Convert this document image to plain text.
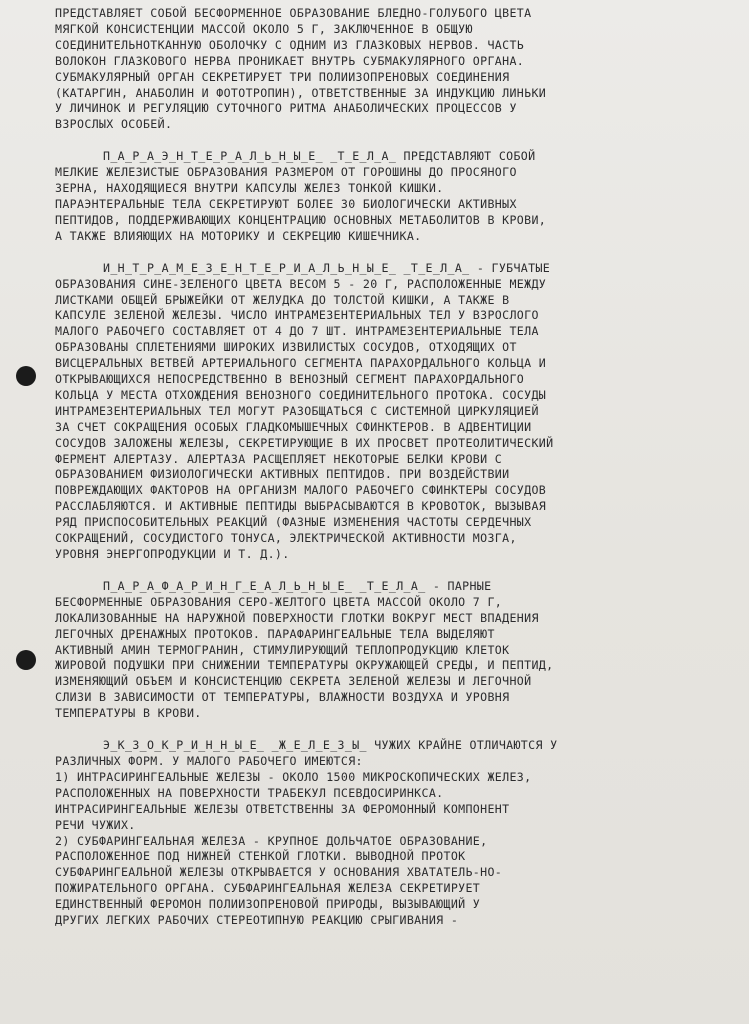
ПРЕДСТАВЛЯЕТ СОБОЙ БЕСФОРМЕННОЕ ОБРАЗОВАНИЕ БЛЕДНО-ГОЛУБОГО ЦВЕТА
МЯГКОЙ КОНСИСТЕНЦИИ МАССОЙ ОКОЛО 5 Г, ЗАКЛЮЧЕННОЕ В ОБЩУЮ
СОЕДИНИТЕЛЬНОТКАННУЮ ОБОЛОЧКУ С ОДНИМ ИЗ ГЛАЗКОВЫХ НЕРВОВ. ЧАСТЬ
ВОЛОКОН ГЛАЗКОВОГО НЕРВА ПРОНИКАЕТ ВНУТРЬ СУБМАКУЛЯРНОГО ОРГАНА.
СУБМАКУЛЯРНЫЙ ОРГАН СЕКРЕТИРУЕТ ТРИ ПОЛИИЗОПРЕНОВЫХ СОЕДИНЕНИЯ
(КАТАРГИН, АНАБОЛИН И ФОТОТРОПИН), ОТВЕТСТВЕННЫЕ ЗА ИНДУКЦИЮ ЛИНЬКИ
У ЛИЧИНОК И РЕГУЛЯЦИЮ СУТОЧНОГО РИТМА АНАБОЛИЧЕСКИХ ПРОЦЕССОВ У
ВЗРОСЛЫХ ОСОБЕЙ.
П_А_Р_А_Э_Н_Т_Е_Р_А_Л_Ь_Н_Ы_Е_ _Т_Е_Л_А_ ПРЕДСТАВЛЯЮТ СОБОЙ
МЕЛКИЕ ЖЕЛЕЗИСТЫЕ ОБРАЗОВАНИЯ РАЗМЕРОМ ОТ ГОРОШИНЫ ДО ПРОСЯНОГО
ЗЕРНА, НАХОДЯЩИЕСЯ ВНУТРИ КАПСУЛЫ ЖЕЛЕЗ ТОНКОЙ КИШКИ.
ПАРАЭНТЕРАЛЬНЫЕ ТЕЛА СЕКРЕТИРУЮТ БОЛЕЕ 30 БИОЛОГИЧЕСКИ АКТИВНЫХ
ПЕПТИДОВ, ПОДДЕРЖИВАЮЩИХ КОНЦЕНТРАЦИЮ ОСНОВНЫХ МЕТАБОЛИТОВ В КРОВИ,
А ТАКЖЕ ВЛИЯЮЩИХ НА МОТОРИКУ И СЕКРЕЦИЮ КИШЕЧНИКА.
И_Н_Т_Р_А_М_Е_З_Е_Н_Т_Е_Р_И_А_Л_Ь_Н_Ы_Е_ _Т_Е_Л_А_ - ГУБЧАТЫЕ
ОБРАЗОВАНИЯ СИНЕ-ЗЕЛЕНОГО ЦВЕТА ВЕСОМ 5 - 20 Г, РАСПОЛОЖЕННЫЕ МЕЖДУ
ЛИСТКАМИ ОБЩЕЙ БРЫЖЕЙКИ ОТ ЖЕЛУДКА ДО ТОЛСТОЙ КИШКИ, А ТАКЖЕ В
КАПСУЛЕ ЗЕЛЕНОЙ ЖЕЛЕЗЫ. ЧИСЛО ИНТРАМЕЗЕНТЕРИАЛЬНЫХ ТЕЛ У ВЗРОСЛОГО
МАЛОГО РАБОЧЕГО СОСТАВЛЯЕТ ОТ 4 ДО 7 ШТ. ИНТРАМЕЗЕНТЕРИАЛЬНЫЕ ТЕЛА
ОБРАЗОВАНЫ СПЛЕТЕНИЯМИ ШИРОКИХ ИЗВИЛИСТЫХ СОСУДОВ, ОТХОДЯЩИХ ОТ
ВИСЦЕРАЛЬНЫХ ВЕТВЕЙ АРТЕРИАЛЬНОГО СЕГМЕНТА ПАРАХОРДАЛЬНОГО КОЛЬЦА И
ОТКРЫВАЮЩИХСЯ НЕПОСРЕДСТВЕННО В ВЕНОЗНЫЙ СЕГМЕНТ ПАРАХОРДАЛЬНОГО
КОЛЬЦА У МЕСТА ОТХОЖДЕНИЯ ВЕНОЗНОГО СОЕДИНИТЕЛЬНОГО ПРОТОКА. СОСУДЫ
ИНТРАМЕЗЕНТЕРИАЛЬНЫХ ТЕЛ МОГУТ РАЗОБЩАТЬСЯ С СИСТЕМНОЙ ЦИРКУЛЯЦИЕЙ
ЗА СЧЕТ СОКРАЩЕНИЯ ОСОБЫХ ГЛАДКОМЫШЕЧНЫХ СФИНКТЕРОВ. В АДВЕНТИЦИИ
СОСУДОВ ЗАЛОЖЕНЫ ЖЕЛЕЗЫ, СЕКРЕТИРУЮЩИЕ В ИХ ПРОСВЕТ ПРОТЕОЛИТИЧЕСКИЙ
ФЕРМЕНТ АЛЕРТАЗУ. АЛЕРТАЗА РАСЩЕПЛЯЕТ НЕКОТОРЫЕ БЕЛКИ КРОВИ С
ОБРАЗОВАНИЕМ ФИЗИОЛОГИЧЕСКИ АКТИВНЫХ ПЕПТИДОВ. ПРИ ВОЗДЕЙСТВИИ
ПОВРЕЖДАЮЩИХ ФАКТОРОВ НА ОРГАНИЗМ МАЛОГО РАБОЧЕГО СФИНКТЕРЫ СОСУДОВ
РАССЛАБЛЯЮТСЯ. И АКТИВНЫЕ ПЕПТИДЫ ВЫБРАСЫВАЮТСЯ В КРОВОТОК, ВЫЗЫВАЯ
РЯД ПРИСПОСОБИТЕЛЬНЫХ РЕАКЦИЙ (ФАЗНЫЕ ИЗМЕНЕНИЯ ЧАСТОТЫ СЕРДЕЧНЫХ
СОКРАЩЕНИЙ, СОСУДИСТОГО ТОНУСА, ЭЛЕКТРИЧЕСКОЙ АКТИВНОСТИ МОЗГА,
УРОВНЯ ЭНЕРГОПРОДУКЦИИ И Т. Д.).
П_А_Р_А_Ф_А_Р_И_Н_Г_Е_А_Л_Ь_Н_Ы_Е_ _Т_Е_Л_А_ - ПАРНЫЕ
БЕСФОРМЕННЫЕ ОБРАЗОВАНИЯ СЕРО-ЖЕЛТОГО ЦВЕТА МАССОЙ ОКОЛО 7 Г,
ЛОКАЛИЗОВАННЫЕ НА НАРУЖНОЙ ПОВЕРХНОСТИ ГЛОТКИ ВОКРУГ МЕСТ ВПАДЕНИЯ
ЛЕГОЧНЫХ ДРЕНАЖНЫХ ПРОТОКОВ. ПАРАФАРИНГЕАЛЬНЫЕ ТЕЛА ВЫДЕЛЯЮТ
АКТИВНЫЙ АМИН ТЕРМОГРАНИН, СТИМУЛИРУЮЩИЙ ТЕПЛОПРОДУКЦИЮ КЛЕТОК
ЖИРОВОЙ ПОДУШКИ ПРИ СНИЖЕНИИ ТЕМПЕРАТУРЫ ОКРУЖАЮЩЕЙ СРЕДЫ, И ПЕПТИД,
ИЗМЕНЯЮЩИЙ ОБЪЕМ И КОНСИСТЕНЦИЮ СЕКРЕТА ЗЕЛЕНОЙ ЖЕЛЕЗЫ И ЛЕГОЧНОЙ
СЛИЗИ В ЗАВИСИМОСТИ ОТ ТЕМПЕРАТУРЫ, ВЛАЖНОСТИ ВОЗДУХА И УРОВНЯ
ТЕМПЕРАТУРЫ В КРОВИ.
Э_К_З_О_К_Р_И_Н_Н_Ы_Е_ _Ж_Е_Л_Е_З_Ы_ ЧУЖИХ КРАЙНЕ ОТЛИЧАЮТСЯ У
РАЗЛИЧНЫХ ФОРМ. У МАЛОГО РАБОЧЕГО ИМЕЮТСЯ:
1) ИНТРАСИРИНГЕАЛЬНЫЕ ЖЕЛЕЗЫ - ОКОЛО 1500 МИКРОСКОПИЧЕСКИХ ЖЕЛЕЗ,
РАСПОЛОЖЕННЫХ НА ПОВЕРХНОСТИ ТРАБЕКУЛ ПСЕВДОСИРИНКСА.
ИНТРАСИРИНГЕАЛЬНЫЕ ЖЕЛЕЗЫ ОТВЕТСТВЕННЫ ЗА ФЕРОМОННЫЙ КОМПОНЕНТ
РЕЧИ ЧУЖИХ.
2) СУБФАРИНГЕАЛЬНАЯ ЖЕЛЕЗА - КРУПНОЕ ДОЛЬЧАТОЕ ОБРАЗОВАНИЕ,
РАСПОЛОЖЕННОЕ ПОД НИЖНЕЙ СТЕНКОЙ ГЛОТКИ. ВЫВОДНОЙ ПРОТОК
СУБФАРИНГЕАЛЬНОЙ ЖЕЛЕЗЫ ОТКРЫВАЕТСЯ У ОСНОВАНИЯ ХВАТАТЕЛЬ-НО-
ПОЖИРАТЕЛЬНОГО ОРГАНА. СУБФАРИНГЕАЛЬНАЯ ЖЕЛЕЗА СЕКРЕТИРУЕТ
ЕДИНСТВЕННЫЙ ФЕРОМОН ПОЛИИЗОПРЕНОВОЙ ПРИРОДЫ, ВЫЗЫВАЮЩИЙ У
ДРУГИХ ЛЕГКИХ РАБОЧИХ СТЕРЕОТИПНУЮ РЕАКЦИЮ СРЫГИВАНИЯ -
